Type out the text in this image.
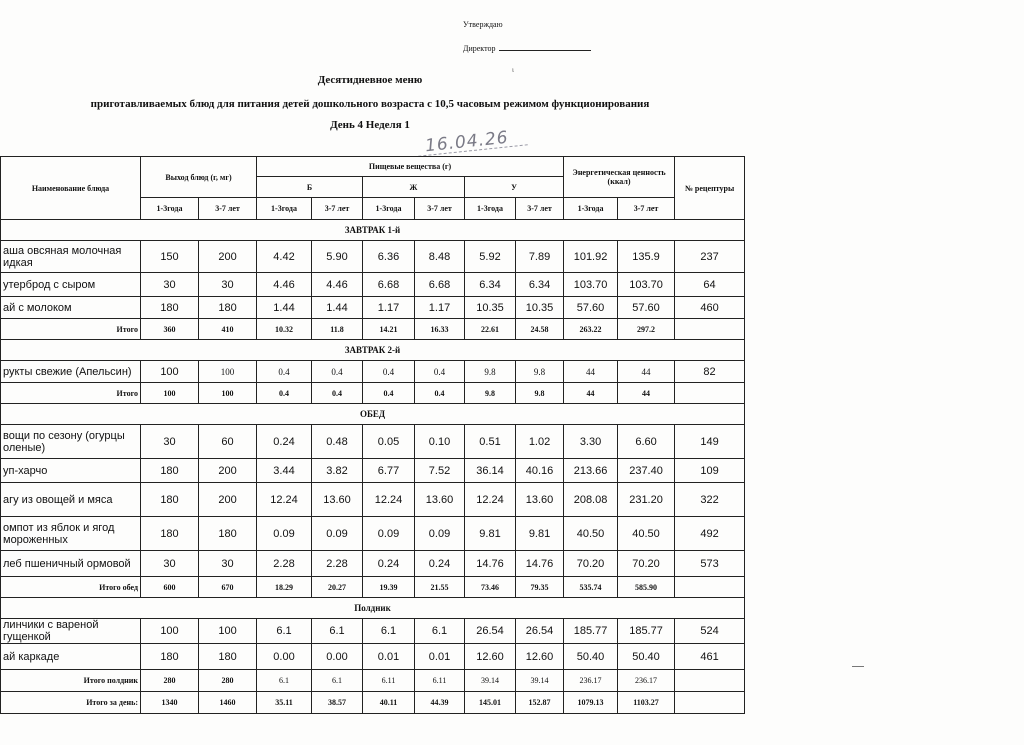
Утверждаю
Директор
ι
Десятидневное меню
приготавливаемых блюд для питания детей дошкольного возраста с 10,5 часовым режимом функционирования
День 4 Неделя 1
16.04.26
Наименование блюда	Выход блюд (г, мг)		Пищевые вещества (г)						Энергетическая ценность (ккал)		№ рецептуры
			Б		Ж		У				
	1-3года	3-7 лет	1-3года	3-7 лет	1-3года	3-7 лет	1-3года	3-7 лет	1-3года	3-7 лет	
ЗАВТРАК 1-й											
аша овсяная молочная идкая	150	200	4.42	5.90	6.36	8.48	5.92	7.89	101.92	135.9	237
утерброд с сыром	30	30	4.46	4.46	6.68	6.68	6.34	6.34	103.70	103.70	64
ай с молоком	180	180	1.44	1.44	1.17	1.17	10.35	10.35	57.60	57.60	460
Итого	360	410	10.32	11.8	14.21	16.33	22.61	24.58	263.22	297.2	
ЗАВТРАК 2-й											
рукты свежие (Апельсин)	100	100	0.4	0.4	0.4	0.4	9.8	9.8	44	44	82
Итого	100	100	0.4	0.4	0.4	0.4	9.8	9.8	44	44	
ОБЕД											
вощи по сезону (огурцы оленые)	30	60	0.24	0.48	0.05	0.10	0.51	1.02	3.30	6.60	149
уп-харчо	180	200	3.44	3.82	6.77	7.52	36.14	40.16	213.66	237.40	109
агу из овощей и мяса	180	200	12.24	13.60	12.24	13.60	12.24	13.60	208.08	231.20	322
омпот из яблок и ягод мороженных	180	180	0.09	0.09	0.09	0.09	9.81	9.81	40.50	40.50	492
леб пшеничный ормовой	30	30	2.28	2.28	0.24	0.24	14.76	14.76	70.20	70.20	573
Итого обед	600	670	18.29	20.27	19.39	21.55	73.46	79.35	535.74	585.90	
Полдник											
линчики с вареной гущенкой	100	100	6.1	6.1	6.1	6.1	26.54	26.54	185.77	185.77	524
ай каркаде	180	180	0.00	0.00	0.01	0.01	12.60	12.60	50.40	50.40	461
Итого полдник	280	280	6.1	6.1	6.11	6.11	39.14	39.14	236.17	236.17	
Итого за день:	1340	1460	35.11	38.57	40.11	44.39	145.01	152.87	1079.13	1103.27	
